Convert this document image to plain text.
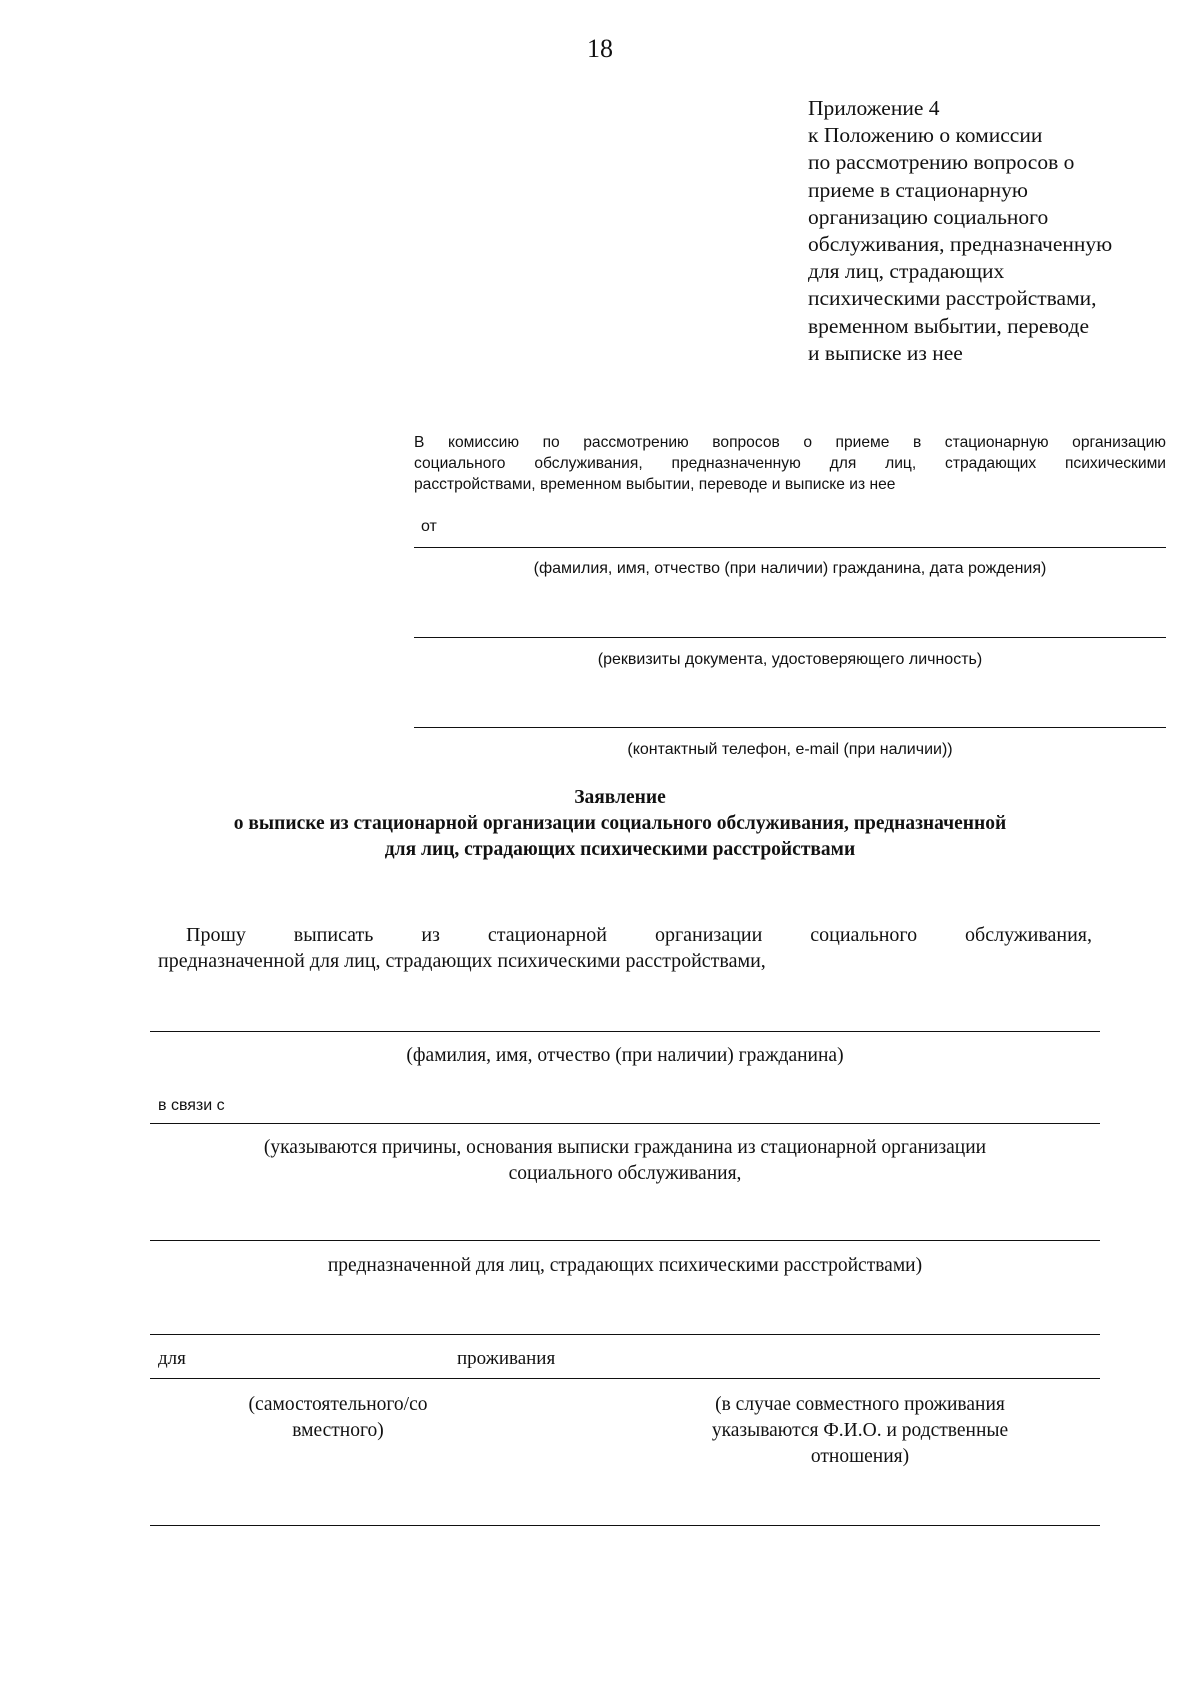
18
Приложение 4
к Положению о комиссии
по рассмотрению вопросов о
приеме в стационарную
организацию социального
обслуживания, предназначенную
для лиц, страдающих
психическими расстройствами,
временном выбытии, переводе
и выписке из нее
В комиссию по рассмотрению вопросов о приеме в стационарную организацию
социального обслуживания, предназначенную для лиц, страдающих психическими
расстройствами, временном выбытии, переводе и выписке из нее
от
(фамилия, имя, отчество (при наличии) гражданина, дата рождения)
(реквизиты документа, удостоверяющего личность)
(контактный телефон, e-mail (при наличии))
Заявление
о выписке из стационарной организации социального обслуживания, предназначенной
для лиц, страдающих психическими расстройствами
Прошу выписать из стационарной организации социального обслуживания,
предназначенной для лиц, страдающих психическими расстройствами,
(фамилия, имя, отчество (при наличии) гражданина)
в связи с
(указываются причины, основания выписки гражданина из стационарной организации
социального обслуживания,
предназначенной для лиц, страдающих психическими расстройствами)
для	проживания
(самостоятельного/со
вместного)
(в случае совместного проживания
указываются Ф.И.О. и родственные
отношения)
